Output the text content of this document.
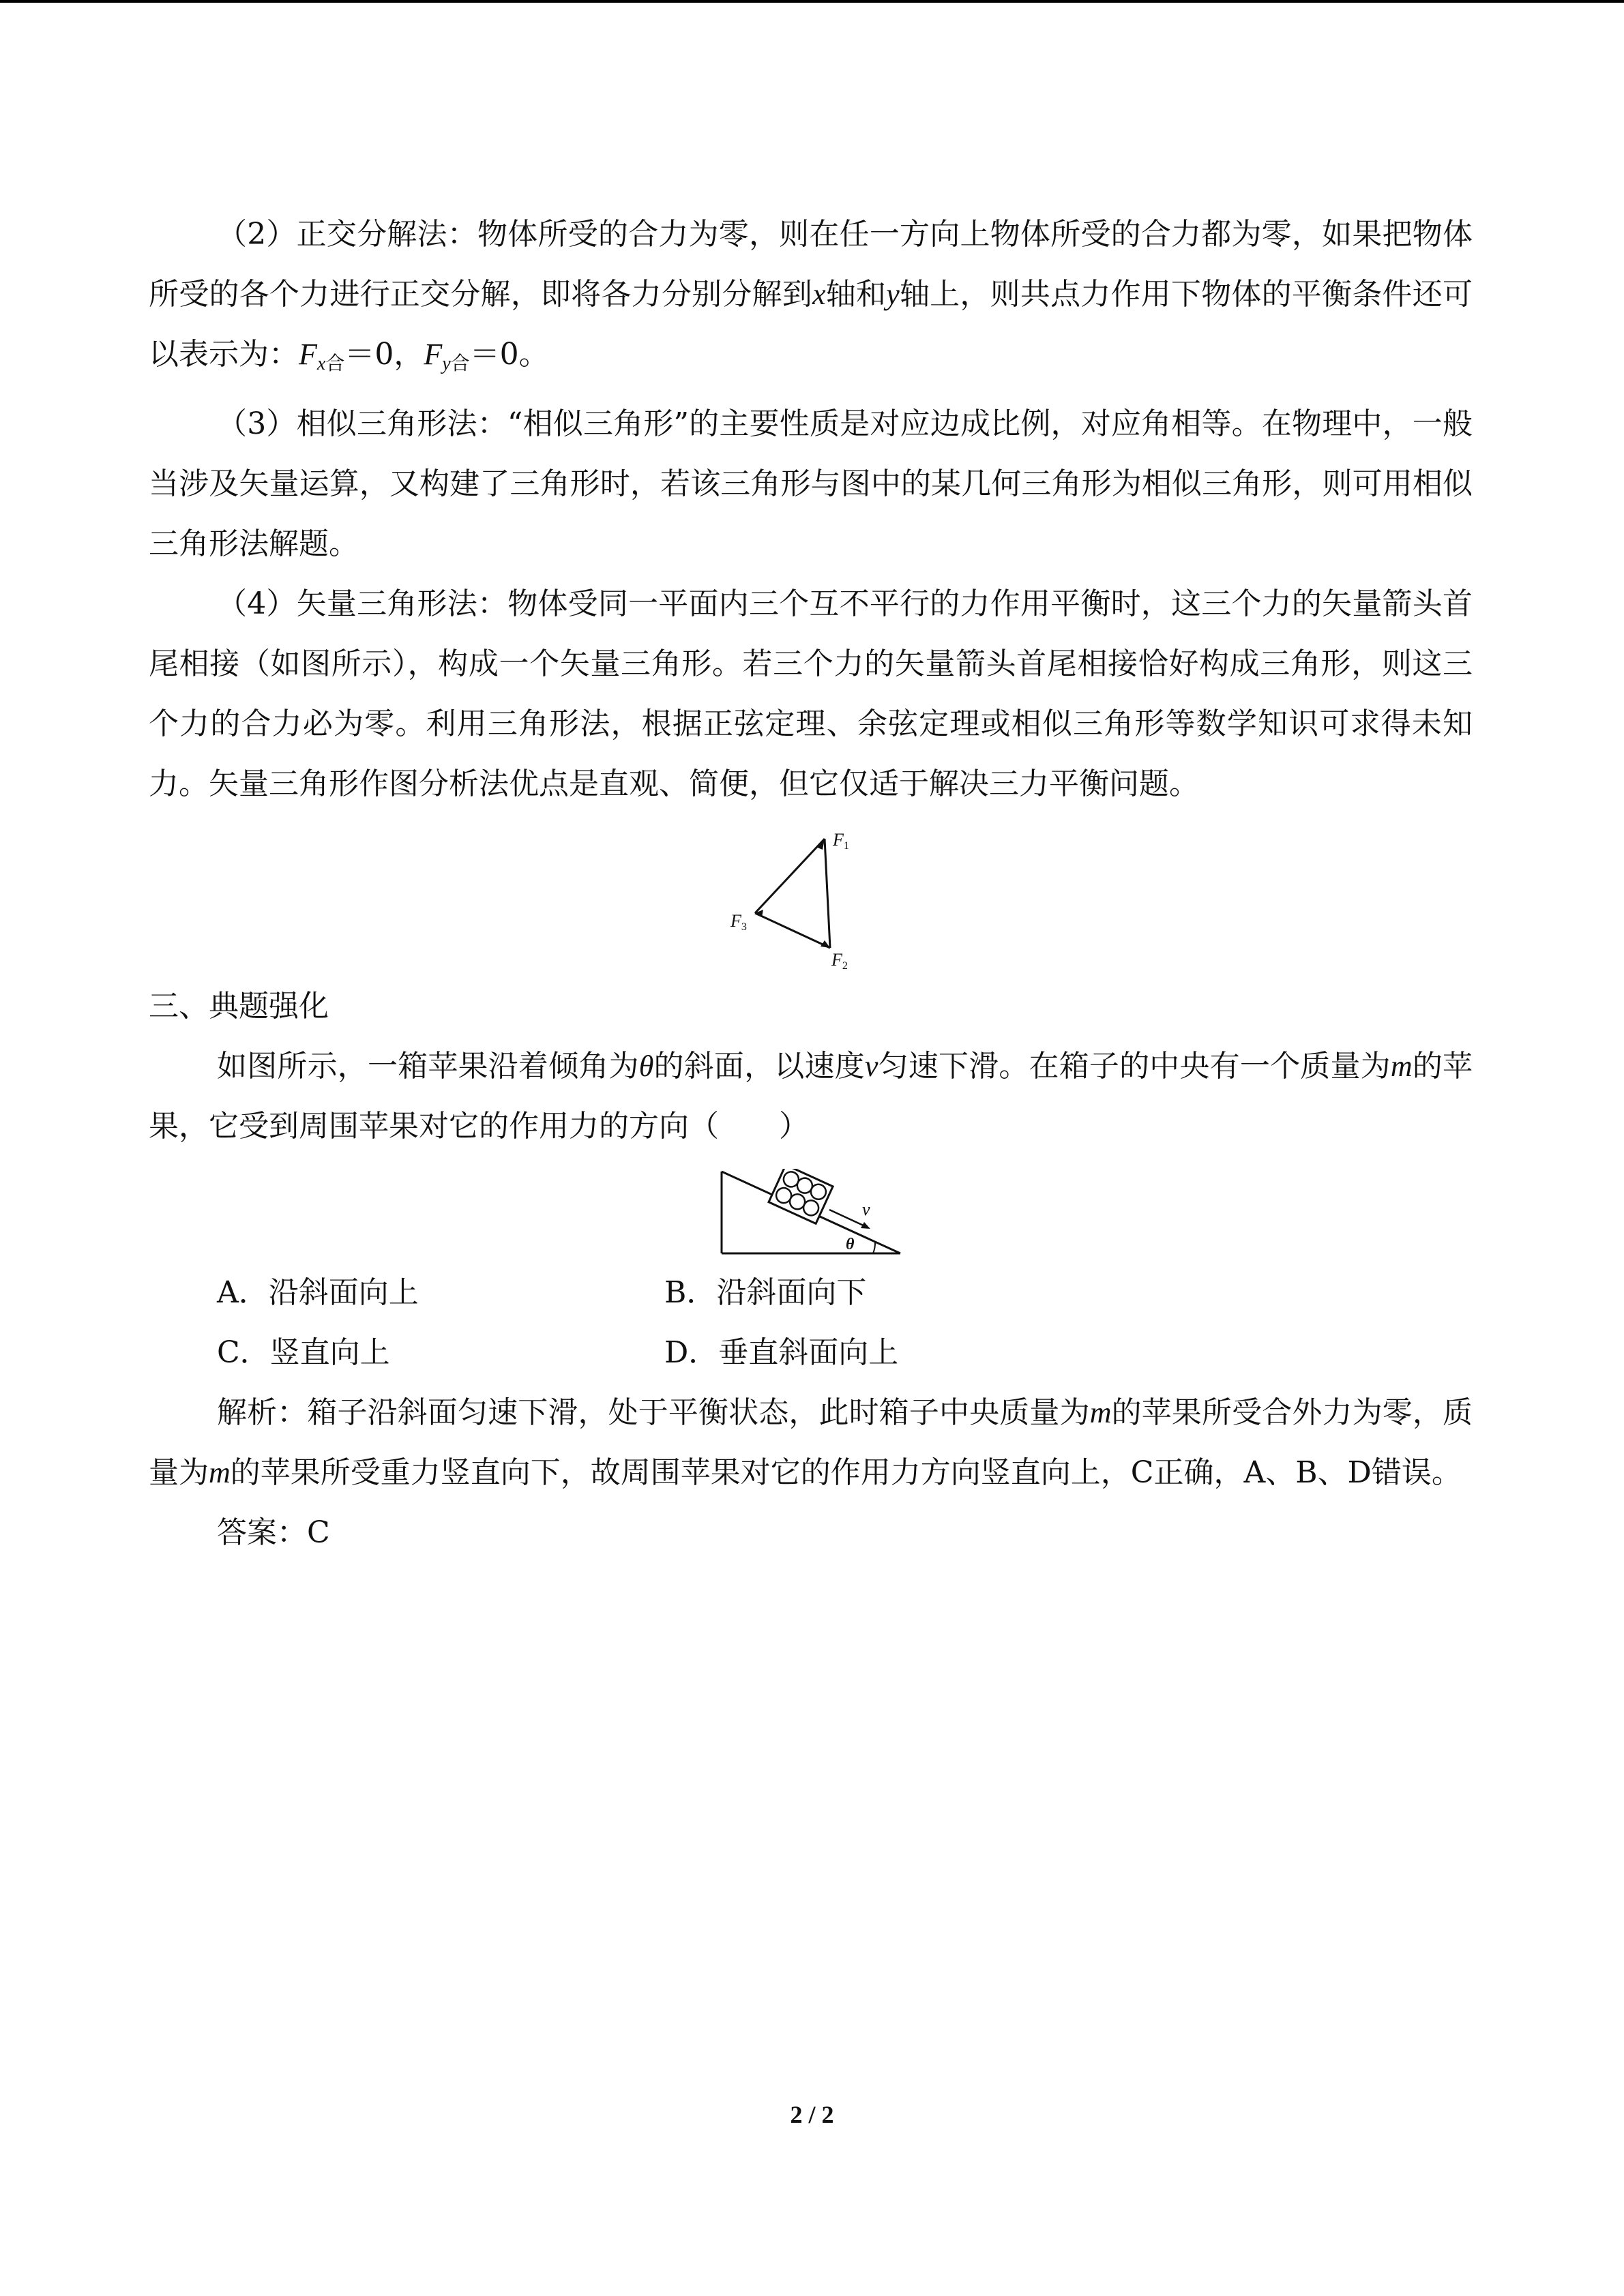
（2）正交分解法：物体所受的合力为零，则在任一方向上物体所受的合力都为零，如果把物体所受的各个力进行正交分解，即将各力分别分解到x轴和y轴上，则共点力作用下物体的平衡条件还可以表示为：$F_{x合}=0$，$F_{y合}=0$。

（3）相似三角形法：“相似三角形”的主要性质是对应边成比例，对应角相等。在物理中，一般当涉及矢量运算，又构建了三角形时，若该三角形与图中的某几何三角形为相似三角形，则可用相似三角形法解题。

（4）矢量三角形法：物体受同一平面内三个互不平行的力作用平衡时，这三个力的矢量箭头首尾相接（如图所示），构成一个矢量三角形。若三个力的矢量箭头首尾相接恰好构成三角形，则这三个力的合力必为零。利用三角形法，根据正弦定理、余弦定理或相似三角形等数学知识可求得未知力。矢量三角形作图分析法优点是直观、简便，但它仅适于解决三力平衡问题。

F1
F2
F3

三、典题强化

如图所示，一箱苹果沿着倾角为θ的斜面，以速度v匀速下滑。在箱子的中央有一个质量为m的苹果，它受到周围苹果对它的作用力的方向（　　）

v
θ
A．沿斜面向上	B．沿斜面向下
C．竖直向上	D．垂直斜面向上

解析：箱子沿斜面匀速下滑，处于平衡状态，此时箱子中央质量为m的苹果所受合外力为零，质量为m的苹果所受重力竖直向下，故周围苹果对它的作用力方向竖直向上，C正确，A、B、D错误。

答案：C

2 / 2
